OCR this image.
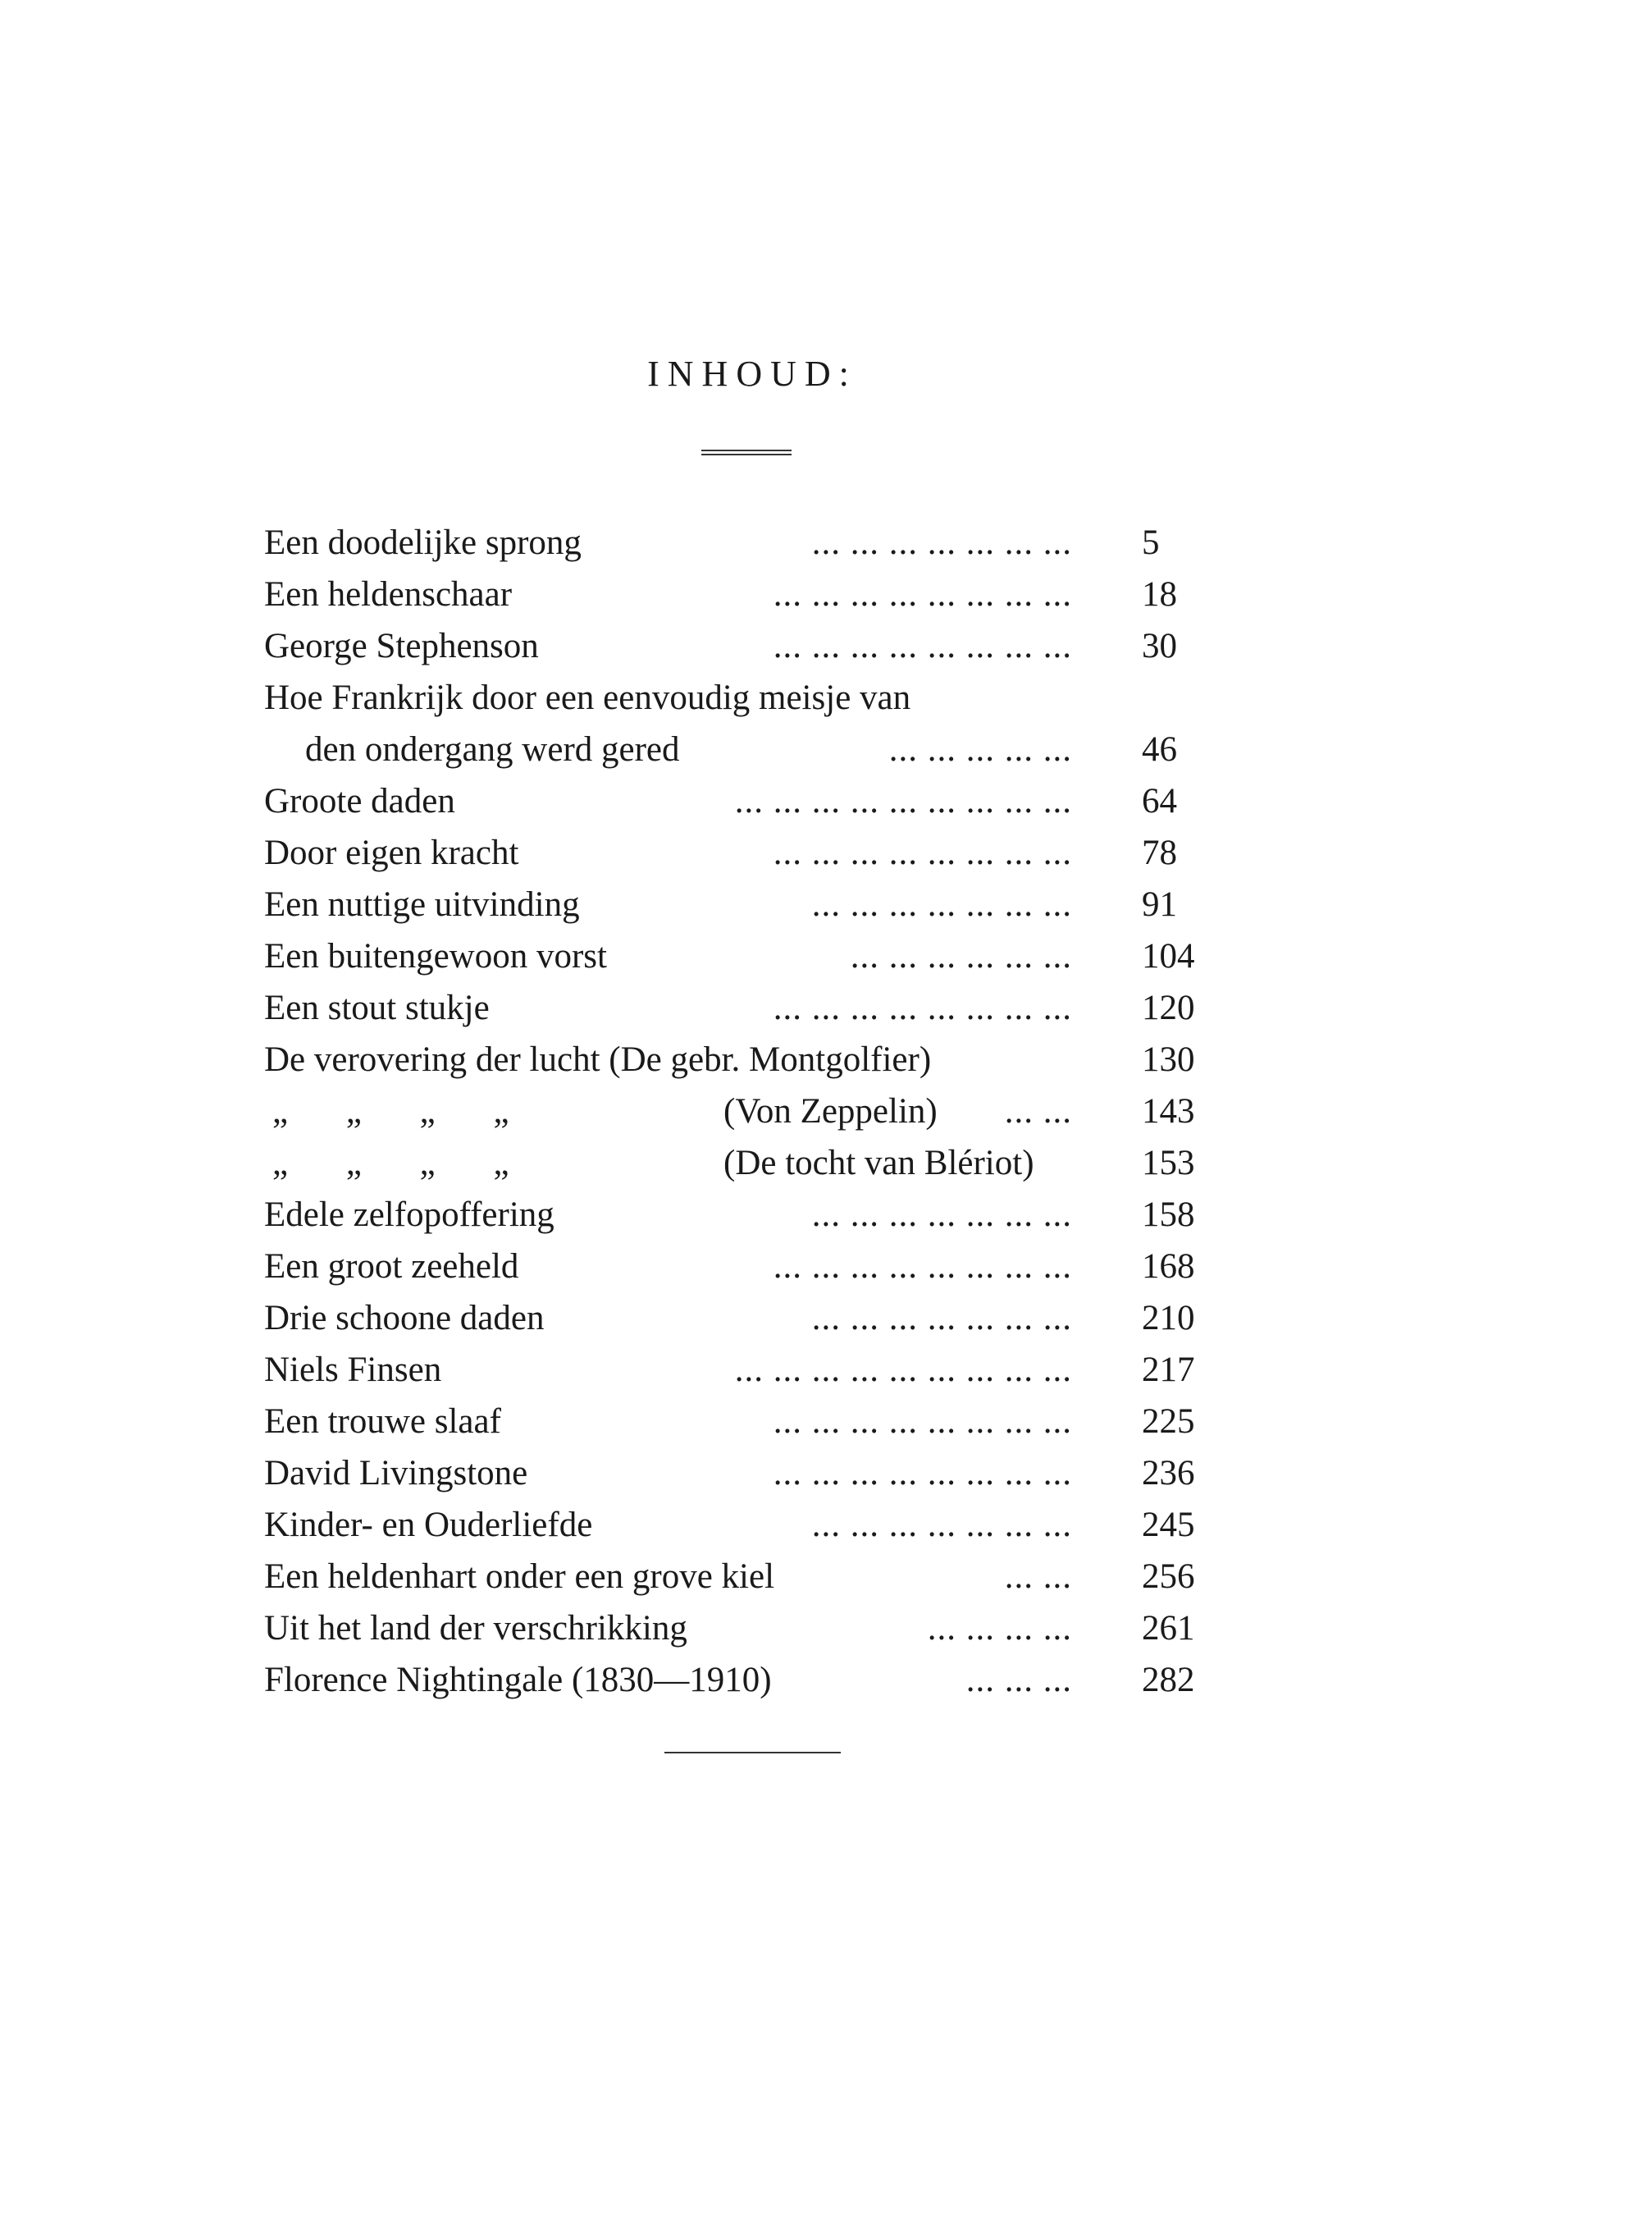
INHOUD:
Een doodelijke sprong	... ... ... ... ... ... ... 5
Een heldenschaar	... ... ... ... ... ... ... ... 18
George Stephenson	... ... ... ... ... ... ... ... 30
Hoe Frankrijk door een eenvoudig meisje van
den ondergang werd gered	... ... ... ... ... 46
Groote daden	... ... ... ... ... ... ... ... ... 64
Door eigen kracht	... ... ... ... ... ... ... ... 78
Een nuttige uitvinding	... ... ... ... ... ... ... 91
Een buitengewoon vorst	... ... ... ... ... ... 104
Een stout stukje	... ... ... ... ... ... ... ... 120
De verovering der lucht (De gebr. Montgolfier)	130
„ „ „ „	(Von Zeppelin) ... ... 143
„ „ „ „	(De tocht van Blériot)	153
Edele zelfopoffering	... ... ... ... ... ... ... 158
Een groot zeeheld	... ... ... ... ... ... ... ... 168
Drie schoone daden	... ... ... ... ... ... ... 210
Niels Finsen	... ... ... ... ... ... ... ... ... 217
Een trouwe slaaf	... ... ... ... ... ... ... ... 225
David Livingstone	... ... ... ... ... ... ... ... 236
Kinder- en Ouderliefde	... ... ... ... ... ... ... 245
Een heldenhart onder een grove kiel	... ... 256
Uit het land der verschrikking	... ... ... ... 261
Florence Nightingale (1830—1910)	... ... ... 282
